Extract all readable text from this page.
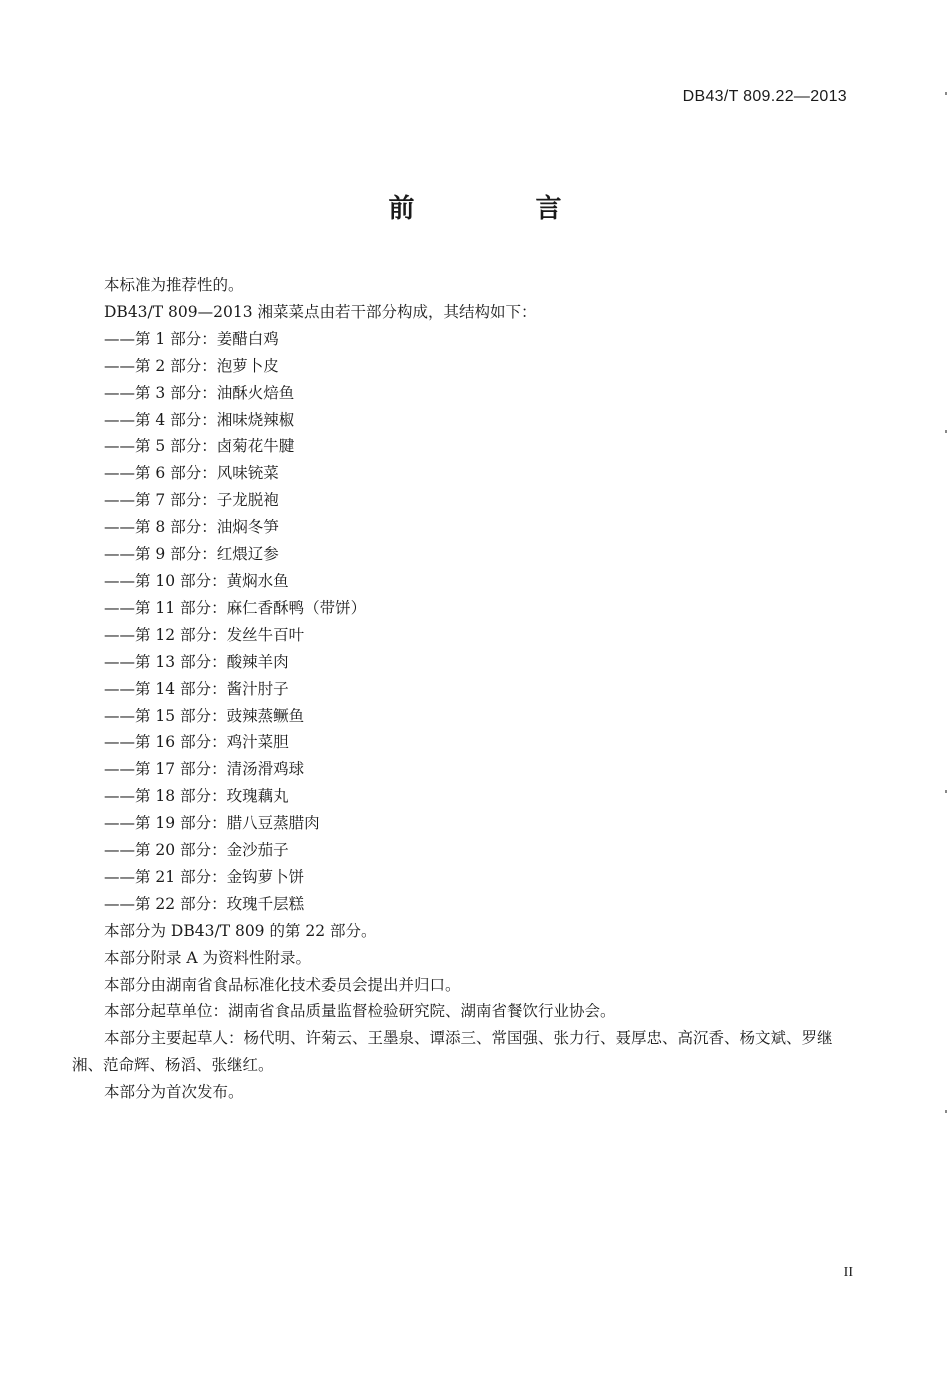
DB43/T 809.22—2013
前 言

本标准为推荐性的。

DB43/T 809—2013 湘菜菜点由若干部分构成，其结构如下：

——第 1 部分：姜醋白鸡

——第 2 部分：泡萝卜皮

——第 3 部分：油酥火焙鱼

——第 4 部分：湘味烧辣椒

——第 5 部分：卤菊花牛腱

——第 6 部分：风味铳菜

——第 7 部分：子龙脱袍

——第 8 部分：油焖冬笋

——第 9 部分：红煨辽参

——第 10 部分：黄焖水鱼

——第 11 部分：麻仁香酥鸭（带饼）

——第 12 部分：发丝牛百叶

——第 13 部分：酸辣羊肉

——第 14 部分：酱汁肘子

——第 15 部分：豉辣蒸鳜鱼

——第 16 部分：鸡汁菜胆

——第 17 部分：清汤滑鸡球

——第 18 部分：玫瑰藕丸

——第 19 部分：腊八豆蒸腊肉

——第 20 部分：金沙茄子

——第 21 部分：金钩萝卜饼

——第 22 部分：玫瑰千层糕

本部分为 DB43/T 809 的第 22 部分。

本部分附录 A 为资料性附录。

本部分由湖南省食品标准化技术委员会提出并归口。

本部分起草单位：湖南省食品质量监督检验研究院、湖南省餐饮行业协会。

本部分主要起草人：杨代明、许菊云、王墨泉、谭添三、常国强、张力行、聂厚忠、高沉香、杨文斌、罗继湘、范命辉、杨滔、张继红。

本部分为首次发布。

II
